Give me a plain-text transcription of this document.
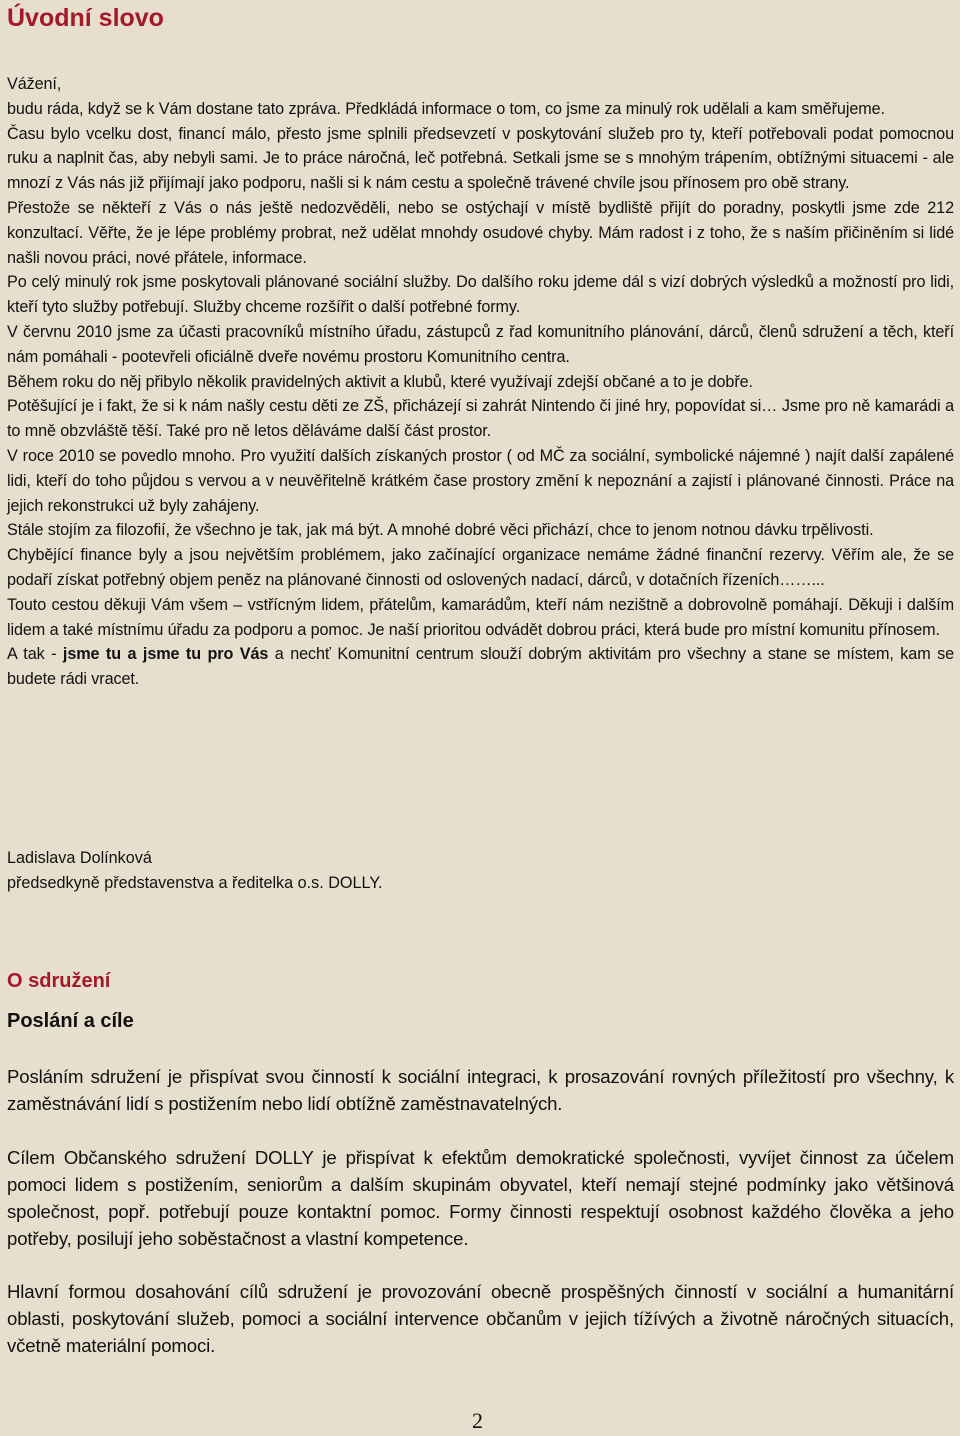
Úvodní slovo

Vážení,

budu ráda, když se k Vám dostane tato zpráva. Předkládá informace o tom, co jsme za minulý rok udělali a kam směřujeme.

Času bylo vcelku dost, financí málo, přesto jsme splnili předsevzetí v poskytování služeb pro ty, kteří potřebovali podat pomocnou ruku a naplnit čas, aby nebyli sami. Je to práce náročná, leč potřebná. Setkali jsme se s mnohým trápením, obtížnými situacemi - ale mnozí z Vás nás již přijímají jako podporu, našli si k nám cestu a společně trávené chvíle jsou přínosem pro obě strany.

Přestože se někteří z Vás o nás ještě nedozvěděli, nebo se ostýchají v místě bydliště přijít do poradny, poskytli jsme zde 212 konzultací. Věřte, že je lépe problémy probrat, než udělat mnohdy osudové chyby. Mám radost i z toho, že s naším přičiněním si lidé našli novou práci, nové přátele, informace.

Po celý minulý rok jsme poskytovali plánované sociální služby. Do dalšího roku jdeme dál s vizí dobrých výsledků a možností pro lidi, kteří tyto služby potřebují. Služby chceme rozšířit o další potřebné formy.

V červnu 2010 jsme za účasti pracovníků místního úřadu, zástupců z řad komunitního plánování, dárců, členů sdružení a těch, kteří nám pomáhali - pootevřeli oficiálně dveře novému prostoru Komunitního centra.

Během roku do něj přibylo několik pravidelných aktivit a klubů, které využívají zdejší občané a to je dobře.

Potěšující je i fakt, že si k nám našly cestu děti ze ZŠ, přicházejí si zahrát Nintendo či jiné hry, popovídat si… Jsme pro ně kamarádi a to mně obzvláště těší. Také pro ně letos děláváme další část prostor.

V roce 2010 se povedlo mnoho. Pro využití dalších získaných prostor ( od MČ za sociální, symbolické nájemné ) najít další zapálené lidi, kteří do toho půjdou s vervou a v neuvěřitelně krátkém čase prostory změní k nepoznání a zajistí i plánované činnosti. Práce na jejich rekonstrukci už byly zahájeny.

Stále stojím za filozofií, že všechno je tak, jak má být. A mnohé dobré věci přichází, chce to jenom notnou dávku trpělivosti.

Chybějící finance byly a jsou největším problémem, jako začínající organizace nemáme žádné finanční rezervy. Věřím ale, že se podaří získat potřebný objem peněz na plánované činnosti od oslovených nadací, dárců, v dotačních řízeních……...

Touto cestou děkuji Vám všem – vstřícným lidem, přátelům, kamarádům, kteří nám nezištně a dobrovolně pomáhají. Děkuji i dalším lidem a také místnímu úřadu za podporu a pomoc. Je naší prioritou odvádět dobrou práci, která bude pro místní komunitu přínosem.

A tak - jsme tu a jsme tu pro Vás a nechť Komunitní centrum slouží dobrým aktivitám pro všechny a stane se místem, kam se budete rádi vracet.

Ladislava Dolínková

předsedkyně představenstva a ředitelka o.s. DOLLY.

O sdružení
Poslání a cíle

Posláním sdružení je přispívat svou činností k sociální integraci, k prosazování rovných příležitostí pro všechny, k zaměstnávání lidí s postižením nebo lidí obtížně zaměstnavatelných.

Cílem Občanského sdružení DOLLY je přispívat k efektům demokratické společnosti, vyvíjet činnost za účelem pomoci lidem s postižením, seniorům a dalším skupinám obyvatel, kteří nemají stejné podmínky jako většinová společnost, popř. potřebují pouze kontaktní pomoc. Formy činnosti respektují osobnost každého člověka a jeho potřeby, posilují jeho soběstačnost a vlastní kompetence.

Hlavní formou dosahování cílů sdružení je provozování obecně prospěšných činností v sociální a humanitární oblasti, poskytování služeb, pomoci a sociální intervence občanům v jejich tížívých a životně náročných situacích, včetně materiální pomoci.

2
